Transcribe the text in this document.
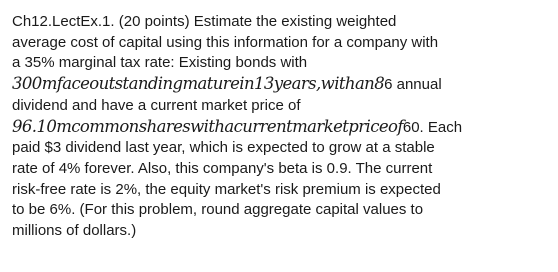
Ch12.LectEx.1. (20 points) Estimate the existing weighted
average cost of capital using this information for a company with
a 35% marginal tax rate: Existing bonds with
300mfaceoutstandingmaturein13years,withan86 annual
dividend and have a current market price of
96.10mcommonshareswithacurrentmarketpriceof60. Each
paid $3 dividend last year, which is expected to grow at a stable
rate of 4% forever. Also, this company's beta is 0.9. The current
risk-free rate is 2%, the equity market's risk premium is expected
to be 6%. (For this problem, round aggregate capital values to
millions of dollars.)
